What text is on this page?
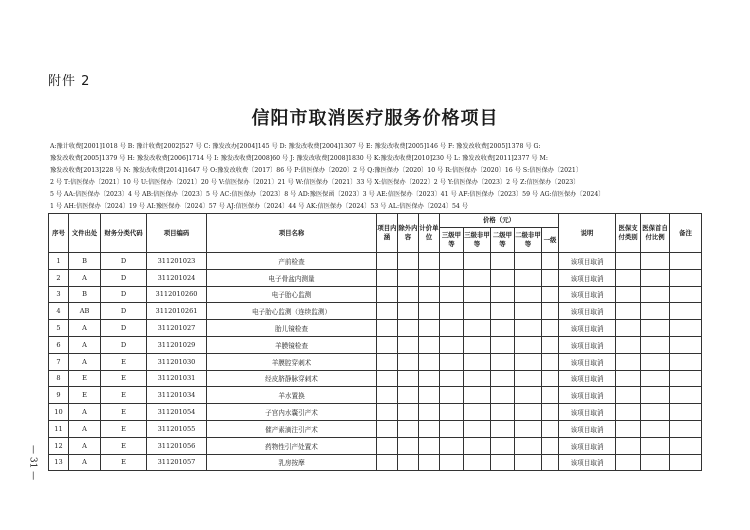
附件 2
信阳市取消医疗服务价格项目
A:豫计收费[2001]1018 号 B: 豫计收费[2002]527 号 C: 豫发改办[2004]145 号 D: 豫发改收费[2004]1307 号 E: 豫发改收费[2005]146 号 F: 豫发改收费[2005]1378 号 G:
豫发改收费[2005]1379 号 H: 豫发改收费[2006]1714 号 I: 豫发改收费[2008]60 号 J: 豫发改收费[2008]1830 号 K:豫发改收费[2010]230 号 L: 豫发改收费[2011]2377 号 M:
豫发改收费[2013]228 号 N: 豫发改收费[2014]1647 号 O:豫发改收费〔2017〕86 号 P:信医保办〔2020〕2 号 Q:豫医保办〔2020〕10 号 R:信医保办〔2020〕16 号 S:信医保办〔2021〕
2 号 T:信医保办〔2021〕10 号 U:信医保办〔2021〕20 号 V:信医保办〔2021〕21 号 W:信医保办〔2021〕33 号 X:信医保办〔2022〕2 号 Y:信医保办〔2023〕2 号 Z:信医保办〔2023〕
5 号 AA:信医保办〔2023〕4 号 AB:信医保办〔2023〕5 号 AC:信医保办〔2023〕8 号 AD:豫医保函〔2023〕3 号 AE:信医保办〔2023〕41 号 AF:信医保办〔2023〕59 号 AG:信医保办〔2024〕
1 号 AH:信医保办〔2024〕19 号 AI:豫医保办〔2024〕57 号 AJ:信医保办〔2024〕44 号 AK:信医保办〔2024〕53 号 AL:信医保办〔2024〕54 号
— 31 —
序号	文件出处	财务分类代码	项目编码	项目名称	项目内涵	除外内容	计价单位	价格（元）					说明	医保支付类别	医保首自付比例	备注
								三级甲等	三级非甲等	二级甲等	二级非甲等	一级				
1	B	D	311201023	产前检查									该项目取消			
2	A	D	311201024	电子骨盆内测量									该项目取消			
3	B	D	3112010260	电子胎心监测									该项目取消			
4	AB	D	3112010261	电子胎心监测（连续监测）									该项目取消			
5	A	D	311201027	胎儿镜检查									该项目取消			
6	A	D	311201029	羊膜镜检查									该项目取消			
7	A	E	311201030	羊膜腔穿刺术									该项目取消			
8	E	E	311201031	经皮脐静脉穿刺术									该项目取消			
9	E	E	311201034	羊水置换									该项目取消			
10	A	E	311201054	子宫内水囊引产术									该项目取消			
11	A	E	311201055	催产素滴注引产术									该项目取消			
12	A	E	311201056	药物性引产处置术									该项目取消			
13	A	E	311201057	乳房按摩									该项目取消			
